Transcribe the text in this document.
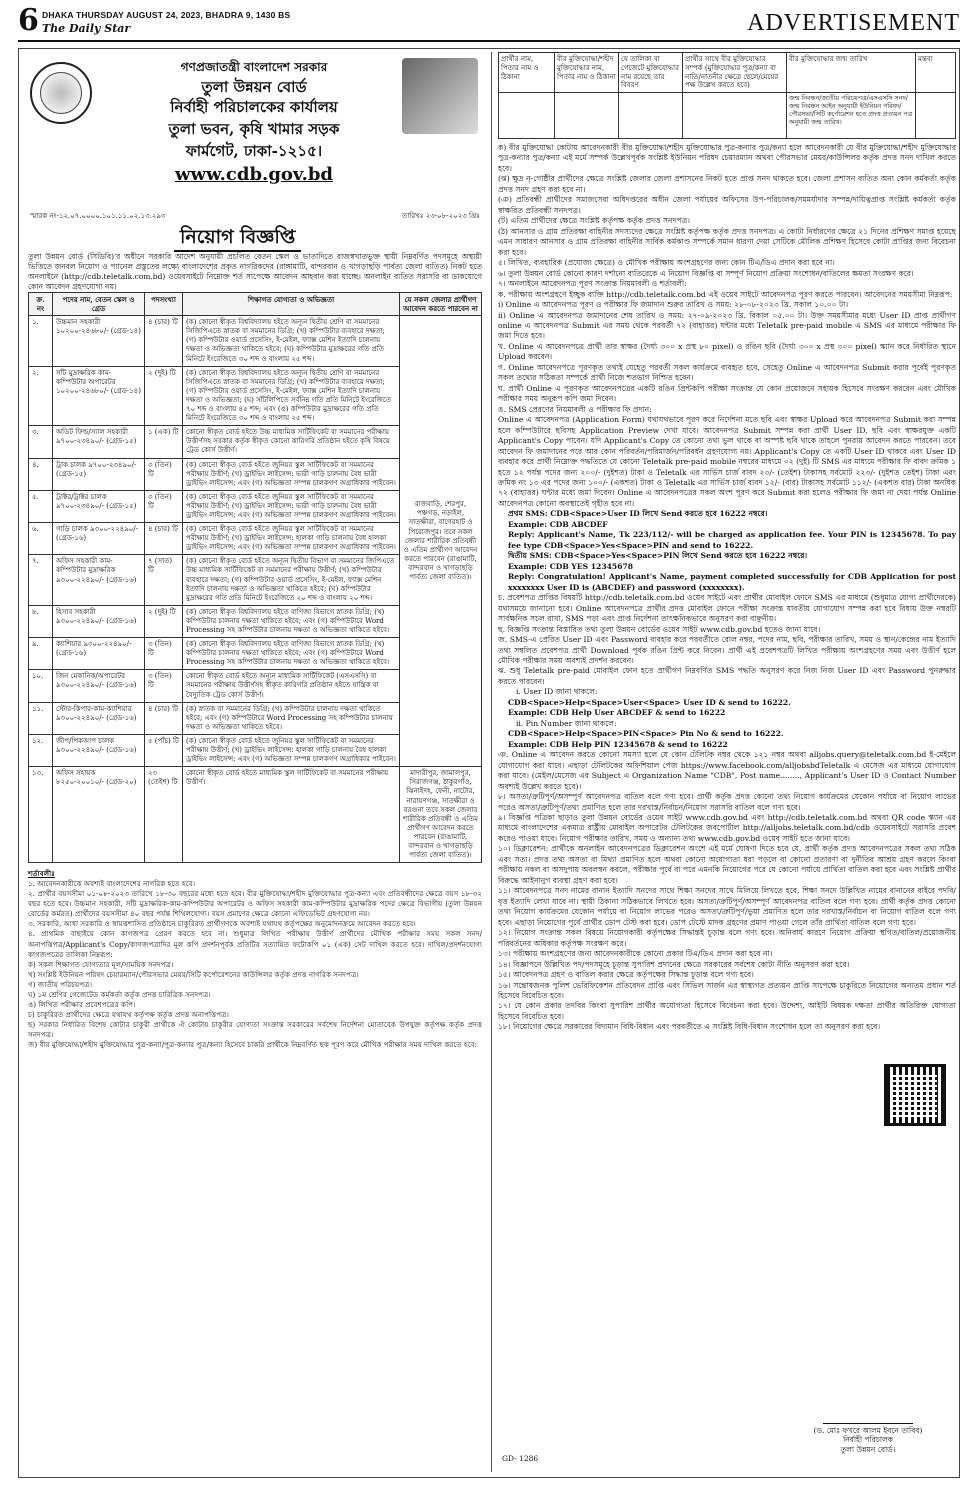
6 DHAKA THURSDAY AUGUST 24, 2023, BHADRA 9, 1430 BS
The Daily Star	ADVERTISEMENT
গণপ্রজাতন্ত্রী বাংলাদেশ সরকার
তুলা উন্নয়ন বোর্ড
নির্বাহী পরিচালকের কার্যালয়
তুলা ভবন, কৃষি খামার সড়ক
ফার্মগেট, ঢাকা-১২১৫।
www.cdb.gov.bd
স্মারক নং-১২.০৭.০০০০.১০১.১১.০২.১৩.২৯৩	তারিখঃ ২৩-০৮-২০২৩ খ্রিঃ
নিয়োগ বিজ্ঞপ্তি
তুলা উন্নয়ন বোর্ড (সিডিবি)'র অধীনে সরকারি আদেশ অনুযায়ী প্রচলিত বেতন স্কেল ও ভাতাদিতে রাজস্বখাতভুক্ত স্থায়ী নিম্নবর্ণিত পদসমূহে অস্থায়ী ভিত্তিতে জনবল নিয়োগ ও প্যানেল প্রস্তুতের লক্ষ্যে বাংলাদেশের প্রকৃত নাগরিকদের (রাঙ্গামাটি, বান্দরবান ও খাগড়াছড়ি পার্বত্য জেলা ব্যতিত) নিকট হতে অনলাইনে (http://cdb.teletalk.com.bd) ওয়েবসাইটে নিম্নোক্ত শর্ত সাপেক্ষে আবেদন আহবান করা যাচ্ছে। অনলাইন ব্যতিত সরাসরি বা ডাকযোগে কোন আবেদন গ্রহণযোগ্য নয়।
ক্র. নং	পদের নাম, বেতন স্কেল ও গ্রেড	পদসংখ্যা	শিক্ষাগত যোগ্যতা ও অভিজ্ঞতা	যে সকল জেলার প্রার্থীগণ আবেদন করতে পারবেন না
১.	উচ্চমান সহকারী ১০২০০-২৪৬৮০/- (গ্রেড-১৪)	৪ (চার) টি	(ক) কোনো স্বীকৃত বিশ্ববিদ্যালয় হইতে অন্যূন দ্বিতীয় শ্রেণি বা সমমানের সিজিপিএতে স্নাতক বা সমমানের ডিগ্রি; (খ) কম্পিউটার ব্যবহারে দক্ষতা; (গ) কম্পিউটার ওয়ার্ড প্রসেসিং, ই-মেইল, ফ্যাক্স মেশিন ইত্যাদি চালনায় দক্ষতা ও অভিজ্ঞতা থাকিতে হইবে; (ঘ) কম্পিউটার মুদ্রাক্ষরের গতি প্রতি মিনিটে ইংরেজিতে ৩০ শব্দ ও বাংলায় ২৫ শব্দ।	রাজবাড়ি, শেরপুর, পঞ্চগড়, নড়াইল, সাতক্ষীরা, বাগেরহাট ও পিরোজপুর। তবে সকল জেলার শারীরিক প্রতিবন্ধী ও এতিম প্রার্থীগণ আবেদন করতে পারবেন (রাঙামাটি, বান্দরবান ও খাগড়াছড়ি পার্বত্য জেলা ব্যতিত)।
২.	সাঁট মুদ্রাক্ষরিক কাম-কম্পিউটার অপারেটর ১০২০০-২৪৬৮০/- (গ্রেড-১৪)	২ (দুই) টি	(ক) কোনো স্বীকৃত বিশ্ববিদ্যালয় হইতে অন্যূন দ্বিতীয় শ্রেণি বা সমমানের সিজিপিএতে স্নাতক বা সমমানের ডিগ্রি; (খ) কম্পিউটার ব্যবহারে দক্ষতা; (গ) কম্পিউটার ওয়ার্ড প্রসেসিং, ই-মেইল, ফ্যাক্স মেশিন ইত্যাদি চালনায় দক্ষতা ও অভিজ্ঞতা; (ঘ) সাঁটলিপিতে সর্বনিম্ন গতি প্রতি মিনিটে ইংরেজিতে ৭০ শব্দ ও বাংলায় ৪৫ শব্দ; এবং (ঙ) কম্পিউটার মুদ্রাক্ষরের গতি প্রতি মিনিটে ইংরেজিতে ৩০ শব্দ ও বাংলায় ২৫ শব্দ।	
৩.	অডিট ফিল্ড/স্যাল সহকারী ৯৭০০-২৩৪৯০/- (গ্রেড-১৫)	১ (এক) টি	কোনো স্বীকৃত বোর্ড হইতে উচ্চ মাধ্যমিক সার্টিফিকেট বা সমমানের পরীক্ষায় উত্তীর্ণসহ সরকার কর্তৃক স্বীকৃত কোনো কারিগরি প্রতিষ্ঠান হইতে কৃষি বিষয়ে ট্রেড কোর্স উত্তীর্ণ।	
৪.	ট্রাক চালক ৯৭০০-২৩৪৯০/- (গ্রেড-১৫)	৩ (তিন) টি	(ক) কোনো স্বীকৃত বোর্ড হইতে জুনিয়র স্কুল সার্টিফিকেট বা সমমানের পরীক্ষায় উত্তীর্ণ; (খ) ড্রাইভিং লাইসেন্স: ভারী গাড়ি চালনায় বৈধ ভারী ড্রাইভিং লাইসেন্স; এবং (গ) অভিজ্ঞতা সম্পন্ন চালকগণ অগ্রাধিকার পাইবেন।	
৫.	ট্রাক্টর/ট্রাক্টর চালক ৯৭০০-২৩৪৯০/- (গ্রেড-১৫)	৩ (তিন) টি	(ক) কোনো স্বীকৃত বোর্ড হইতে জুনিয়র স্কুল সার্টিফিকেট বা সমমানের পরীক্ষায় উত্তীর্ণ; (খ) ড্রাইভিং লাইসেন্স: ভারী গাড়ি চালনায় বৈধ ভারী ড্রাইভিং লাইসেন্স; এবং (গ) অভিজ্ঞতা সম্পন্ন চালকগণ অগ্রাধিকার পাইবেন।	
৬.	গাড়ি চালক ৯৩০০-২২৪৯০/- (গ্রেড-১৬)	৪ (চার) টি	(ক) কোনো স্বীকৃত বোর্ড হইতে জুনিয়র স্কুল সার্টিফিকেট বা সমমানের পরীক্ষায় উত্তীর্ণ; (খ) ড্রাইভিং লাইসেন্স: হালকা গাড়ি চালনায় বৈধ হালকা ড্রাইভিং লাইসেন্স; এবং (গ) অভিজ্ঞতা সম্পন্ন চালকগণ অগ্রাধিকার পাইবেন।	
৭.	অফিস সহকারী কাম-কম্পিউটার মুদ্রাক্ষরিক ৯৩০০-২২৪৯০/- (গ্রেড-১৬)	৭ (সাত) টি	(ক) কোনো স্বীকৃত বোর্ড হইতে অন্যূন দ্বিতীয় বিভাগ বা সমমানের জিপিএতে উচ্চ মাধ্যমিক সার্টিফিকেট বা সমমানের পরীক্ষায় উত্তীর্ণ; (খ) কম্পিউটার ব্যবহারে দক্ষতা; (গ) কম্পিউটার ওয়ার্ড প্রসেসিং, ই-মেইল, ফ্যাক্স মেশিন ইত্যাদি চালনায় দক্ষতা ও অভিজ্ঞতা থাকিতে হইবে; (ঘ) কম্পিউটার মুদ্রাক্ষরের গতি প্রতি মিনিটে ইংরেজিতে ২০ শব্দ ও বাংলায় ২০ শব্দ।	
৮.	হিসাব সহকারী ৯৩০০-২২৪৯০/- (গ্রেড-১৬)	২ (দুই) টি	(ক) কোনো স্বীকৃত বিশ্ববিদ্যালয় হইতে বাণিজ্য বিভাগে স্নাতক ডিগ্রি; (খ) কম্পিউটার চালনায় দক্ষতা থাকিতে হইবে; এবং (গ) কম্পিউটারে Word Processing সহ কম্পিউটার চালনায় দক্ষতা ও অভিজ্ঞতা থাকিতে হইবে।	
৯.	ক্যাশিয়ার ৯৩০০-২২৪৯০/- (গ্রেড-১৬)	৩ (তিন) টি	(ক) কোনো স্বীকৃত বিশ্ববিদ্যালয় হইতে বাণিজ্য বিভাগে স্নাতক ডিগ্রি; (খ) কম্পিউটার চালনায় দক্ষতা থাকিতে হইবে; এবং (গ) কম্পিউটারে Word Processing সহ কম্পিউটার চালনায় দক্ষতা ও অভিজ্ঞতা থাকিতে হইবে।	
১০.	জিন মেকানিক/অপারেটর ৯৩০০-২২৪৯০/- (গ্রেড-১৬)	৩ (তিন) টি	কোনো স্বীকৃত বোর্ড হইতে অন্যূন মাধ্যমিক সার্টিফিকেট (এসএসসি) বা সমমানের পরীক্ষায় উত্তীর্ণসহ স্বীকৃত কারিগরি প্রতিষ্ঠান হইতে যান্ত্রিক বা বৈদ্যুতিক ট্রেড কোর্স উত্তীর্ণ।	
১১.	স্টোর-কিপার-কাম-ক্যাশিয়ার ৯৩০০-২২৪৯০/- (গ্রেড-১৬)	৪ (চার) টি	(ক) স্নাতক বা সমমানের ডিগ্রি; (খ) কম্পিউটার চালনায় দক্ষতা থাকিতে হইবে; এবং (গ) কম্পিউটারে Word Processing সহ কম্পিউটার চালনায় দক্ষতা ও অভিজ্ঞতা থাকিতে হইবে।	
১২.	জীপ/পিকআপ চালক ৯৩০০-২২৪৯০/- (গ্রেড-১৬)	৫ (পাঁচ) টি	(ক) কোনো স্বীকৃত বোর্ড হইতে জুনিয়র স্কুল সার্টিফিকেট বা সমমানের পরীক্ষায় উত্তীর্ণ; (খ) ড্রাইভিং লাইসেন্স: হালকা গাড়ি চালনায় বৈধ হালকা ড্রাইভিং লাইসেন্স; এবং (গ) অভিজ্ঞতা সম্পন্ন চালকগণ অগ্রাধিকার পাইবেন।	
১৩.	অফিস সহায়ক ৮২৫০-২০০১০/- (গ্রেড-২০)	২৩ (তেইশ) টি	কোনো স্বীকৃত বোর্ড হইতে মাধ্যমিক স্কুল সার্টিফিকেট বা সমমানের পরীক্ষায় উত্তীর্ণ।	মাদারীপুর, জামালপুর, সিরাজগঞ্জ, ঠাকুরগাঁও, ঝিনাইদহ, ফেনী, নাটোর, নারায়ণগঞ্জ, সাতক্ষীরা ও বরগুনা তবে সকল জেলার শারীরিক প্রতিবন্ধী ও এতিম প্রার্থীগণ আবেদন করতে পারবেন (রাঙামাটি, বান্দরবান ও খাগড়াছড়ি পার্বত্য জেলা ব্যতিত)।
শর্তাবলীঃ
১. আবেদনকারীকে অবশ্যই বাংলাদেশের নাগরিক হতে হবে।
২. প্রার্থীর বয়সসীমা ০১-০৮-২০২৩ তারিখে ১৮-৩০ বছরের মধ্যে হতে হবে। বীর মুক্তিযোদ্ধা/শহীদ মুক্তিযোদ্ধার পুত্র-কন্যা এবং প্রতিবন্ধীদের ক্ষেত্রে বয়স ১৮-৩২ বছর হতে হবে। উচ্চমান সহকারী, সাঁট মুদ্রাক্ষরিক-কাম-কম্পিউটার অপারেটর ও অফিস সহকারী কাম-কম্পিউটার মুদ্রাক্ষরিক পদের ক্ষেত্রে বিভাগীয় (তুলা উন্নয়ন বোর্ডের কর্মরত) প্রার্থীদের বয়সসীমা ৪০ বছর পর্যন্ত শিথিলযোগ্য। বয়স প্রমাণের ক্ষেত্রে কোনো এফিডেভিট গ্রহণযোগ্য নয়।
৩. সরকারি, আধা সরকারি ও স্বায়ত্তশাসিত প্রতিষ্ঠানে চাকুরিরত প্রার্থীগণকে অবশ্যই যথাযথ কর্তৃপক্ষের অনুমোদনক্রমে আবেদন করতে হবে।
৪. প্রাথমিক বাছাইয়ে কোন কাগজপত্র প্রেরণ করতে হবে না। শুধুমাত্র লিখিত পরীক্ষায় উত্তীর্ণ প্রার্থীদের মৌখিক পরীক্ষার সময় সকল সনদ/অনাপত্তিপত্র/Applicant's Copy/কাগজপত্রাদির মূল কপি প্রদর্শনপূর্বক প্রতিটির সত্যায়িত ফটোকপি ০১ (এক) সেট দাখিল করতে হবে। দাখিল/প্রদর্শনযোগ্য কাগজপত্রের তালিকা নিম্নরূপ:
ক) সকল শিক্ষাগত যোগ্যতার মূল/সাময়িক সনদপত্র।
খ) সংশ্লিষ্ট ইউনিয়ন পরিষদ চেয়ারম্যান/পৌরসভার মেয়র/সিটি কর্পোরেশনের কাউন্সিলর কর্তৃক প্রদত্ত নাগরিক সনদপত্র।
গ) জাতীয় পরিচয়পত্র।
ঘ) ১ম শ্রেণির গেজেটেড কর্মকর্তা কর্তৃক প্রদত্ত চারিত্রিক সনদপত্র।
ঙ) লিখিত পরীক্ষার প্রবেশপত্রের কপি।
চ) চাকুরিরত প্রার্থীদের ক্ষেত্রে যথাযথ কর্তৃপক্ষ কর্তৃক প্রদত্ত অনাপত্তিপত্র।
ছ) সরকার নির্ধারিত বিশেষ কোটার চাকুরী প্রার্থীকে ঐ কোটায় চাকুরীর যোগ্যতা সংক্রান্ত সরকারের সর্বশেষ নির্দেশনা মোতাবেক উপযুক্ত কর্তৃপক্ষ কর্তৃক প্রদত্ত সনদপত্র।
জ) বীর মুক্তিযোদ্ধা/শহীদ মুক্তিযোদ্ধার পুত্র-কন্যা/পুত্র-কন্যার পুত্র/কন্যা হিসেবে চাকরি প্রার্থীকে নিম্নবর্ণিত ছক পূরণ করে মৌখিক পরীক্ষার সময় দাখিল করতে হবে:
প্রার্থীর নাম, পিতার নাম ও ঠিকানা	বীর মুক্তিযোদ্ধা/শহীদ মুক্তিযোদ্ধার নাম, পিতার নাম ও ঠিকানা	যে তালিকা বা গেজেটে মুক্তিযোদ্ধার নাম রয়েছে তার বিবরণ	প্রার্থীর সাথে বীর মুক্তিযোদ্ধার সম্পর্ক (মুক্তিযোদ্ধার পুত্র/কন্যা বা নাতি/নাতনীর ক্ষেত্রে ছেলে/মেয়ের পক্ষ উল্লেখ করতে হবে)	বীর মুক্তিযোদ্ধার জন্ম তারিখ	মন্তব্য
				জন্ম নিবন্ধন/জাতীয় পরিচয়পত্র/এসএসসি সনদ/জন্ম নিবন্ধন আইন অনুযায়ী ইউনিয়ন পরিষদ/পৌরসভা/সিটি কর্পোরেশন হতে প্রদত্ত প্রত্যয়ন পত্র অনুযায়ী জন্ম তারিখ।	
ক) বীর মুক্তিযোদ্ধা কোটায় আবেদনকারী বীর মুক্তিযোদ্ধা/শহীদ মুক্তিযোদ্ধার পুত্র-কন্যার পুত্র/কন্যা হলে আবেদনকারী যে বীর মুক্তিযোদ্ধা/শহীদ মুক্তিযোদ্ধার পুত্র-কন্যার পুত্র/কন্যা এই মর্মে সম্পর্ক উল্লেখপূর্বক সংশ্লিষ্ট ইউনিয়ন পরিষদ চেয়ারম্যান অথবা পৌরসভার মেয়র/কাউন্সিলর কর্তৃক প্রদত্ত সনদ দাখিল করতে হবে।
(ঝ) ক্ষুদ্র নৃ-গোষ্ঠীর প্রার্থীদের ক্ষেত্রে সংশ্লিষ্ট জেলার জেলা প্রশাসনের নিকট হতে প্রাপ্ত সনদ থাকতে হবে। জেলা প্রশাসন ব্যতিত অন্য কোন কর্মকর্তা কর্তৃক প্রদত্ত সনদ গ্রহণ করা হবে না।
(ঞ) প্রতিবন্ধী প্রার্থীদের সমাজসেবা অধিদপ্তরের অধীন জেলা পর্যায়ের অফিসের উপ-পরিচালক/সমমর্যাদার সম্পন্ন/দায়িত্বপ্রাপ্ত সংশ্লিষ্ট কর্মকর্তা কর্তৃক স্বাক্ষরিত প্রতিবন্ধী সনদপত্র।
(ট) এতিম প্রার্থীদের ক্ষেত্রে সংশ্লিষ্ট কর্তৃপক্ষ কর্তৃক প্রদত্ত সনদপত্র।
(ঠ) আনসার ও গ্রাম প্রতিরক্ষা বাহিনীর সদস্যদের ক্ষেত্রে সংশ্লিষ্ট কর্তৃপক্ষ কর্তৃক প্রদত্ত সনদপত্র। এ কোটা নির্ধারণের ক্ষেত্রে ২১ দিনের প্রশিক্ষণ সমাপ্ত হয়েছে এমন সাধারণ আনসার ও গ্রাম প্রতিরক্ষা বাহিনীর সার্বিক কর্মকাণ্ড সম্পর্কে সমান ধারণা দেয়া সেটিকে মৌলিক প্রশিক্ষণ হিসেবে কোটা প্রাপ্তির জন্য বিবেচনা করা হবে।
৫। লিখিত, ব্যবহারিক (প্রযোজ্য ক্ষেত্রে) ও মৌখিক পরীক্ষায় অংশগ্রহণের জন্য কোন টিএ/ডিএ প্রদান করা হবে না।
৬। তুলা উন্নয়ন বোর্ড কোনো কারণ দর্শানো ব্যতিরেকে এ নিয়োগ বিজ্ঞপ্তি বা সম্পূর্ণ নিয়োগ প্রক্রিয়া সংশোধন/বাতিলের ক্ষমতা সংরক্ষণ করে।
৭। অনলাইনে আবেদনপত্র পূরণ সংক্রান্ত নিয়মাবলী ও শর্তাবলী:
ক. পরীক্ষায় অংশগ্রহণে ইচ্ছুক ব্যক্তি http://cdb.teletalk.com.bd এই ওয়েব সাইটে আবেদনপত্র পূরণ করতে পারবেন। আবেদনের সময়সীমা নিম্নরূপ:
i) Online এ আবেদনপত্র পূরণ ও পরীক্ষার ফি জমাদান শুরুর তারিখ ও সময়: ২৮-০৮-২০২৩ খ্রি. সকাল ১০.০০ টা।
ii) Online এ আবেদনপত্র জমাদানের শেষ তারিখ ও সময়: ২৭-০৯-২০২৩ খ্রি. বিকাল ০৫.০০ টা। উক্ত সময়সীমার মধ্যে User ID প্রাপ্ত প্রার্থীগণ online এ আবেদনপত্র Submit এর সময় থেকে পরবর্তী ৭২ (বাহাত্তর) ঘন্টার মধ্যে Teletalk pre-paid mobile এ SMS এর মাধ্যমে পরীক্ষার ফি জমা দিতে হবে।
খ. Online এ আবেদনপত্রে প্রার্থী তার স্বাক্ষর (দৈর্ঘ্য ৩০০ x প্রস্থ ৮০ pixel) ও রঙিন ছবি (দৈর্ঘ্য ৩০০ x প্রস্থ ৩০০ pixel) স্ক্যান করে নির্ধারিত স্থানে Upload করবেন।
গ. Online আবেদনপত্রে পূরণকৃত তথ্যই যেহেতু পরবর্তী সকল কার্যক্রমে ব্যবহৃত হবে, সেহেতু Online এ আবেদনপত্র Submit করার পূর্বেই পূরণকৃত সকল তথ্যের সঠিকতা সম্পর্কে প্রার্থী নিজে শতভাগ নিশ্চিত হবেন।
ঘ. প্রার্থী Online এ পূরণকৃত আবেদনপত্রের একটি রঙিন প্রিন্টকপি পরীক্ষা সংক্রান্ত যে কোন প্রয়োজনে সহায়ক হিসেবে সংরক্ষণ করবেন এবং মৌখিক পরীক্ষার সময় অনুরূপ কপি জমা দিবেন।
ঙ. SMS প্রেরণের নিয়মাবলী ও পরীক্ষার ফি প্রদান:
Online এ আবেদনপত্র (Application Form) যথাযথভাবে পূরণ করে নির্দেশনা মতে ছবি এবং স্বাক্ষর Upload করে আবেদনপত্র Submit করা সম্পন্ন হলে কম্পিউটারে ছবিসহ Application Preview দেখা যাবে। আবেদনপত্র Submit সম্পন্ন করা প্রার্থী User ID, ছবি এবং স্বাক্ষরযুক্ত একটি Applicant's Copy পাবেন। যদি Applicant's Copy তে কোনো তথ্য ভুল থাকে বা অস্পষ্ট ছবি থাকে তাহলে পুনরায় আবেদন করতে পারবেন। তবে আবেদন ফি জমাদানের পরে আর কোন পরিবর্তন/পরিমার্জন/পরিবর্ধন গ্রহণযোগ্য নয়। Applicant's Copy তে একটি User ID থাকবে এবং User ID ব্যবহার করে প্রার্থী নিম্নোক্ত পদ্ধতিতে যে কোনো Teletalk pre-paid mobile নম্বরের মাধ্যমে ০২ (দুই) টি SMS এর মাধ্যমে পরীক্ষার ফি বাবদ ক্রমিক ১ হতে ১২ পর্যন্ত পদের জন্য ২০০/- (দুইশত) টাকা ও Teletalk এর সার্ভিস চার্জ বাবদ ২৩/- (তেইশ) টাকাসহ সর্বমোট ২২৩/- (দুইশত তেইশ) টাকা এবং ক্রমিক নং ১৩ এর পদের জন্য ১০০/- (একশত) টাকা ও Teletalk এর সার্ভিস চার্জ বাবদ ১২/- (বার) টাকাসহ সর্বমোট ১১২/- (একশত বার) টাকা অনধিক ৭২ (বাহাত্তর) ঘন্টার মধ্যে জমা দিবেন। Online এ আবেদনপত্রের সকল অংশ পূরণ করে Submit করা হলেও পরীক্ষার ফি জমা না দেয়া পর্যন্ত Online আবেদনপত্র কোনো অবস্থাতেই গৃহীত হবে না।
প্রথম SMS: CDB<Space>User ID লিখে Send করতে হবে 16222 নম্বরে।
Example: CDB ABCDEF
Reply: Applicant's Name, Tk 223/112/- will be charged as application fee. Your PIN is 12345678. To pay fee type CDB<Space>Yes<Space>PIN and send to 16222.
দ্বিতীয় SMS: CDB<Space>Yes<Space>PIN লিখে Send করতে হবে 16222 নম্বরে।
Example: CDB YES 12345678
Reply: Congratulation! Applicant's Name, payment completed successfully for CDB Application for post xxxxxxxx User ID is (ABCDEF) and password (xxxxxxxx).
চ. প্রবেশপত্র প্রাপ্তির বিষয়টি http://cdb.teletalk.com.bd ওয়েব সাইটে এবং প্রার্থীর মোবাইল ফোনে SMS এর মাধ্যমে (শুধুমাত্র যোগ্য প্রার্থীদেরকে) যথাসময়ে জানানো হবে। Online আবেদনপত্রে প্রার্থীর প্রদত্ত মোবাইল ফোনে পরীক্ষা সংক্রান্ত যাবতীয় যোগাযোগ সম্পন্ন করা হবে বিধায় উক্ত নম্বরটি সার্বক্ষনিক সচল রাখা, SMS পড়া এবং প্রাপ্ত নির্দেশনা তাৎক্ষনিকভাবে অনুসরণ করা বাঞ্ছনীয়।
ছ. বিজ্ঞপ্তি সংক্রান্ত বিস্তারিত তথ্য তুলা উন্নয়ন বোর্ডের ওয়েব সাইট www.cdb.gov.bd হতেও জানা যাবে।
জ. SMS-এ প্রেরিত User ID এবং Password ব্যবহার করে পরবর্তীতে রোল নম্বর, পদের নাম, ছবি, পরীক্ষার তারিখ, সময় ও স্থান/কেন্দ্রের নাম ইত্যাদি তথ্য সম্বলিত প্রবেশপত্র প্রার্থী Download পূর্বক রঙিন প্রিন্ট করে নিবেন। প্রার্থী এই প্রবেশপত্রটি লিখিত পরীক্ষায় অংশগ্রহণের সময় এবং উত্তীর্ণ হলে মৌখিক পরীক্ষার সময় অবশ্যই প্রদর্শন করবেন।
ঝ. শুধু Teletalk pre-paid মোবাইল ফোন হতে প্রার্থীগণ নিম্নবর্ণিত SMS পদ্ধতি অনুসরণ করে নিজ নিজ User ID এবং Password পুনরুদ্ধার করতে পারবেন।
i. User ID জানা থাকলে:
CDB<Space>Help<Space>User<Space> User ID & send to 16222.
Example: CDB Help User ABCDEF & send to 16222
ii. Pin Number জানা থাকলে:
CDB<Space>Help<Space>PIN<Space> Pin No & send to 16222.
Example: CDB Help PIN 12345678 & send to 16222
ঞ. Online এ আবেদন করতে কোনো সমস্যা হলে যে কোন টেলিটক নম্বর থেকে ১২১ নম্বর অথবা alljobs.query@teletalk.com.bd ই-মেইলে যোগাযোগ করা যাবে। এছাড়া টেলিটকের অফিশিয়াল পেজ https://www.facebook.com/alljobsbdTeletalk এ মেসেজ এর মাধ্যমে যোগাযোগ করা যাবে। (মেইল/মেসেজ এর Subject এ Organization Name "CDB", Post name........, Applicant's User ID ও Contact Number অবশ্যই উল্লেখ করতে হবে)।
৮। অসত্য/ত্রুটিপূর্ণ/অসম্পূর্ণ আবেদনপত্র বাতিল বলে গণ্য হবে। প্রার্থী কর্তৃক প্রদত্ত কোনো তথ্য নিয়োগ কার্যক্রমের যেকোন পর্যায়ে বা নিয়োগ লাভের পরেও অসত্য/ত্রুটিপূর্ণ/তথ্য প্রমাণিত হলে তার দরখাস্ত/নির্বাচন/নিয়োগ সরাসরি বাতিল বলে গণ্য হবে।
৯। বিজ্ঞপ্তি পত্রিকা ছাড়াও তুলা উন্নয়ন বোর্ডের ওয়েব সাইট www.cdb.gov.bd এবং http://cdb.teletalk.com.bd অথবা QR code স্ক্যান এর মাধ্যমে বাংলাদেশের একমাত্র রাষ্ট্রীয় মোবাইল অপারেটর টেলিটকের জবপোর্টাল http://alljobs.teletalk.com.bd/cdb ওয়েবসাইটে সরাসরি প্রবেশ করেও পাওয়া যাবে। নিয়োগ পরীক্ষার তারিখ, সময় ও অন্যান্য তথ্য www.cdb.gov.bd ওয়েব সাইট হতে জানা যাবে।
১০। ডিক্লারেশন: প্রার্থীকে অনলাইন আবেদনপত্রের ডিক্লারেশন অংশে এই মর্মে ঘোষণা দিতে হবে যে, প্রার্থী কর্তৃক প্রদত্ত আবেদনপত্রের সকল তথ্য সঠিক এবং সত্য। প্রদত্ত তথ্য অসত্য বা মিথ্যা প্রমাণিত হলে অথবা কোনো অযোগ্যতা ধরা পড়লে বা কোনো প্রতারণা বা দুর্নীতির আশ্রয় গ্রহণ করলে কিংবা পরীক্ষায় নকল বা অসদুপায় অবলম্বন করলে, পরীক্ষার পূর্বে বা পরে এমনকি নিয়োগের পরে যে কোনো পর্যায়ে প্রার্থিতা বাতিল করা হবে এবং সংশ্লিষ্ট প্রার্থীর বিরুদ্ধে আইনানুগ ব্যবস্থা গ্রহণ করা হবে।
১১। আবেদনপত্রে সনদ নামের বানান ইত্যাদি সনদের সাথে শিক্ষা সনদের সাথে মিলিয়ে লিখতে হবে, শিক্ষা সনদে উল্লিখিত নামের বানানের বাইরে পদবি/বৃত্ত ইত্যাদি লেখা যাবে না। স্থায়ী ঠিকানা সঠিকভাবে লিখতে হবে। অসত্য/ত্রুটিপূর্ণ/অসম্পূর্ণ আবেদনপত্র বাতিল বলে গণ্য হবে। প্রার্থী কর্তৃক প্রদত্ত কোনো তথ্য নিয়োগ কার্যক্রমের যেকোন পর্যায়ে বা নিয়োগ লাভের পরেও অসত্য/ত্রুটিপূর্ণ/ভুয়া প্রমাণিত হলে তার দরখাস্ত/নির্বাচন বা নিয়োগ বাতিল বলে গণ্য হবে। এছাড়া নিয়োগের পূর্বে প্রার্থীর ডোপ টেস্ট করা হবে। ডোপ টেস্টে মাদক গ্রহণের প্রমাণ পাওয়া গেলে তাঁর প্রার্থিতা বাতিল বলে গণ্য হবে।
১২। নিয়োগ সংক্রান্ত সকল বিষয়ে নিয়োগকারী কর্তৃপক্ষের সিদ্ধান্তই চূড়ান্ত বলে গণ্য হবে। অনিবার্য কারণে নিয়োগ প্রক্রিয়া স্থগিত/বাতিল/প্রয়োজনীয় পরিবর্তনের অধিকার কর্তৃপক্ষ সংরক্ষণ করে।
১৩। পরীক্ষায় অংশগ্রহণের জন্য আবেদনকারীকে কোনো প্রকার টিএ/ডিএ প্রদান করা হবে না।
১৪। বিজ্ঞাপনে উল্লিখিত পদ/পদসমূহে চূড়ান্ত সুপারিশ প্রদানের ক্ষেত্রে সরকারের সর্বশেষ কোটা নীতি অনুসরণ করা হবে।
১৫। আবেদনপত্র গ্রহণ ও বাতিল করার ক্ষেত্রে কর্তৃপক্ষের সিদ্ধান্ত চূড়ান্ত বলে গণ্য হবে।
১৬। সন্তোষজনক পুলিশ ভেরিফিকেশন প্রতিবেদন প্রাপ্তি এবং সিভিল সার্জন এর স্বাস্থ্যগত প্রত্যয়ন প্রাপ্তি সাপেক্ষে চাকুরিতে নিয়োগের অন্যতম প্রধান শর্ত হিসেবে বিবেচিত হবে।
১৭। যে কোন প্রকার তদবির কিংবা সুপারিশ প্রার্থীর অযোগ্যতা হিসেবে বিবেচনা করা হবে। উদ্দেশ্য, আইটি বিষয়ক দক্ষতা প্রার্থীর অতিরিক্ত যোগ্যতা হিসেবে বিবেচিত হবে।
১৮। নিয়োগের ক্ষেত্রে সরকারের বিদ্যমান বিধি-বিধান এবং পরবর্তীতে এ সংশ্লিষ্ট বিধি-বিধান সংশোধন হলে তা অনুসরণ করা হবে।
(ড. মোঃ ফখরে আলম ইবনে তাবিব)
নির্বাহী পরিচালক
তুলা উন্নয়ন বোর্ড।
GD- 1286
